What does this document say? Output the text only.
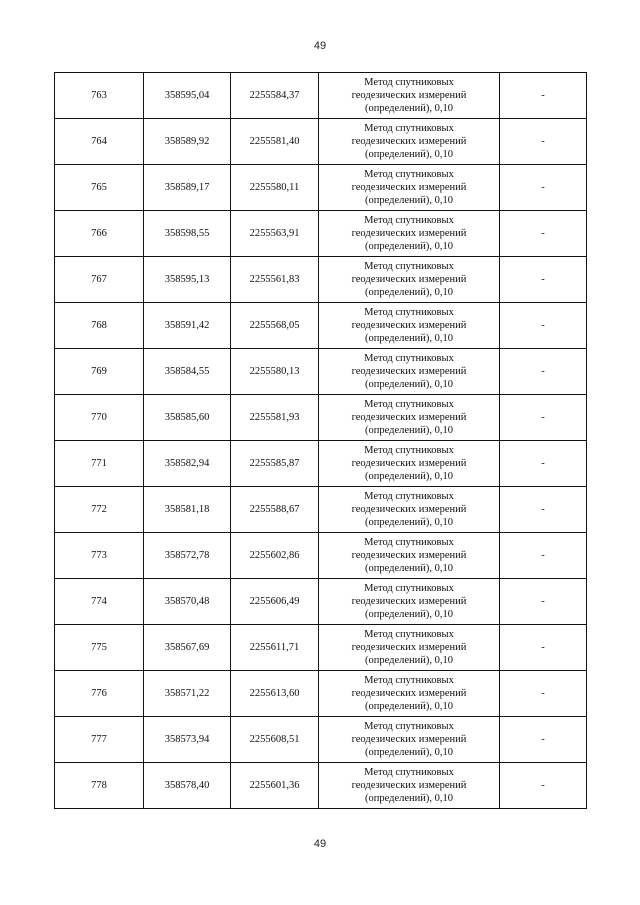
49
763	358595,04	2255584,37	Метод спутниковых
геодезических измерений
(определений), 0,10	-
764	358589,92	2255581,40	Метод спутниковых
геодезических измерений
(определений), 0,10	-
765	358589,17	2255580,11	Метод спутниковых
геодезических измерений
(определений), 0,10	-
766	358598,55	2255563,91	Метод спутниковых
геодезических измерений
(определений), 0,10	-
767	358595,13	2255561,83	Метод спутниковых
геодезических измерений
(определений), 0,10	-
768	358591,42	2255568,05	Метод спутниковых
геодезических измерений
(определений), 0,10	-
769	358584,55	2255580,13	Метод спутниковых
геодезических измерений
(определений), 0,10	-
770	358585,60	2255581,93	Метод спутниковых
геодезических измерений
(определений), 0,10	-
771	358582,94	2255585,87	Метод спутниковых
геодезических измерений
(определений), 0,10	-
772	358581,18	2255588,67	Метод спутниковых
геодезических измерений
(определений), 0,10	-
773	358572,78	2255602,86	Метод спутниковых
геодезических измерений
(определений), 0,10	-
774	358570,48	2255606,49	Метод спутниковых
геодезических измерений
(определений), 0,10	-
775	358567,69	2255611,71	Метод спутниковых
геодезических измерений
(определений), 0,10	-
776	358571,22	2255613,60	Метод спутниковых
геодезических измерений
(определений), 0,10	-
777	358573,94	2255608,51	Метод спутниковых
геодезических измерений
(определений), 0,10	-
778	358578,40	2255601,36	Метод спутниковых
геодезических измерений
(определений), 0,10	-
49
